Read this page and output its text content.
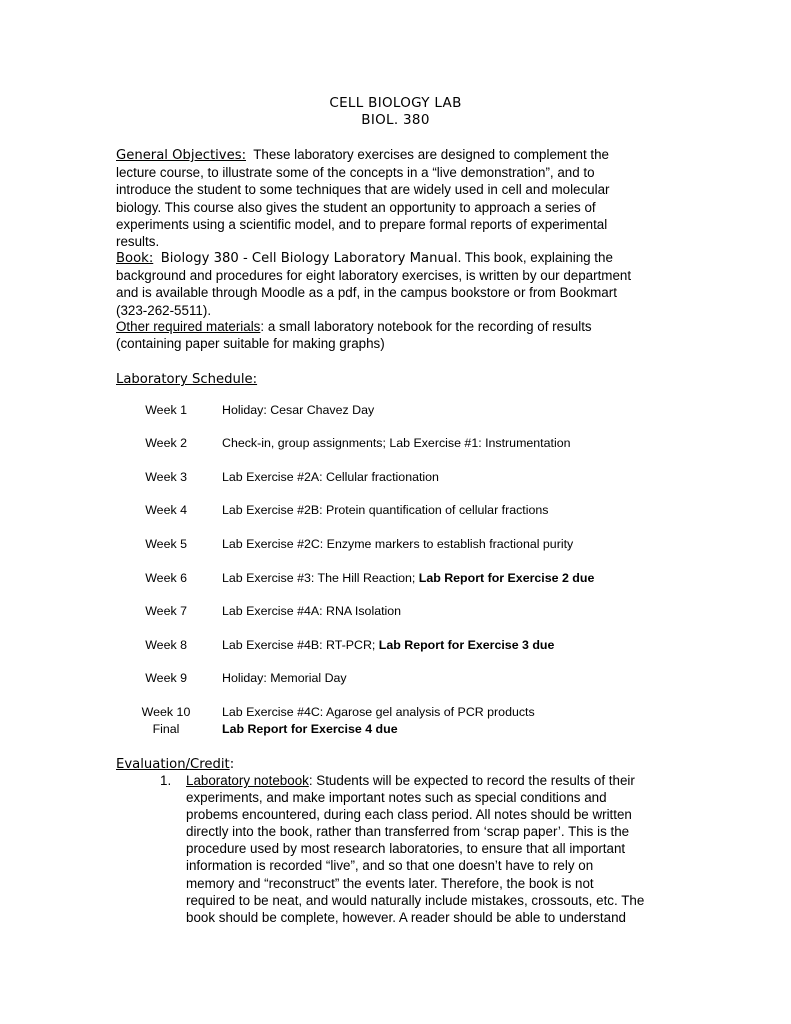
CELL BIOLOGY LAB
BIOL. 380
General Objectives: These laboratory exercises are designed to complement the
lecture course, to illustrate some of the concepts in a “live demonstration”, and to
introduce the student to some techniques that are widely used in cell and molecular
biology. This course also gives the student an opportunity to approach a series of
experiments using a scientific model, and to prepare formal reports of experimental
results.
Book: Biology 380 - Cell Biology Laboratory Manual. This book, explaining the
background and procedures for eight laboratory exercises, is written by our department
and is available through Moodle as a pdf, in the campus bookstore or from Bookmart
(323-262-5511).
Other required materials: a small laboratory notebook for the recording of results
(containing paper suitable for making graphs)
Laboratory Schedule:
Week 1	Holiday: Cesar Chavez Day
Week 2	Check-in, group assignments; Lab Exercise #1: Instrumentation
Week 3	Lab Exercise #2A: Cellular fractionation
Week 4	Lab Exercise #2B: Protein quantification of cellular fractions
Week 5	Lab Exercise #2C: Enzyme markers to establish fractional purity
Week 6	Lab Exercise #3: The Hill Reaction; Lab Report for Exercise 2 due
Week 7	Lab Exercise #4A: RNA Isolation
Week 8	Lab Exercise #4B: RT-PCR; Lab Report for Exercise 3 due
Week 9	Holiday: Memorial Day
Week 10	Lab Exercise #4C: Agarose gel analysis of PCR products
Final	Lab Report for Exercise 4 due
Evaluation/Credit:
1. Laboratory notebook: Students will be expected to record the results of their
experiments, and make important notes such as special conditions and
probems encountered, during each class period. All notes should be written
directly into the book, rather than transferred from ‘scrap paper’. This is the
procedure used by most research laboratories, to ensure that all important
information is recorded “live”, and so that one doesn’t have to rely on
memory and “reconstruct” the events later. Therefore, the book is not
required to be neat, and would naturally include mistakes, crossouts, etc. The
book should be complete, however. A reader should be able to understand
